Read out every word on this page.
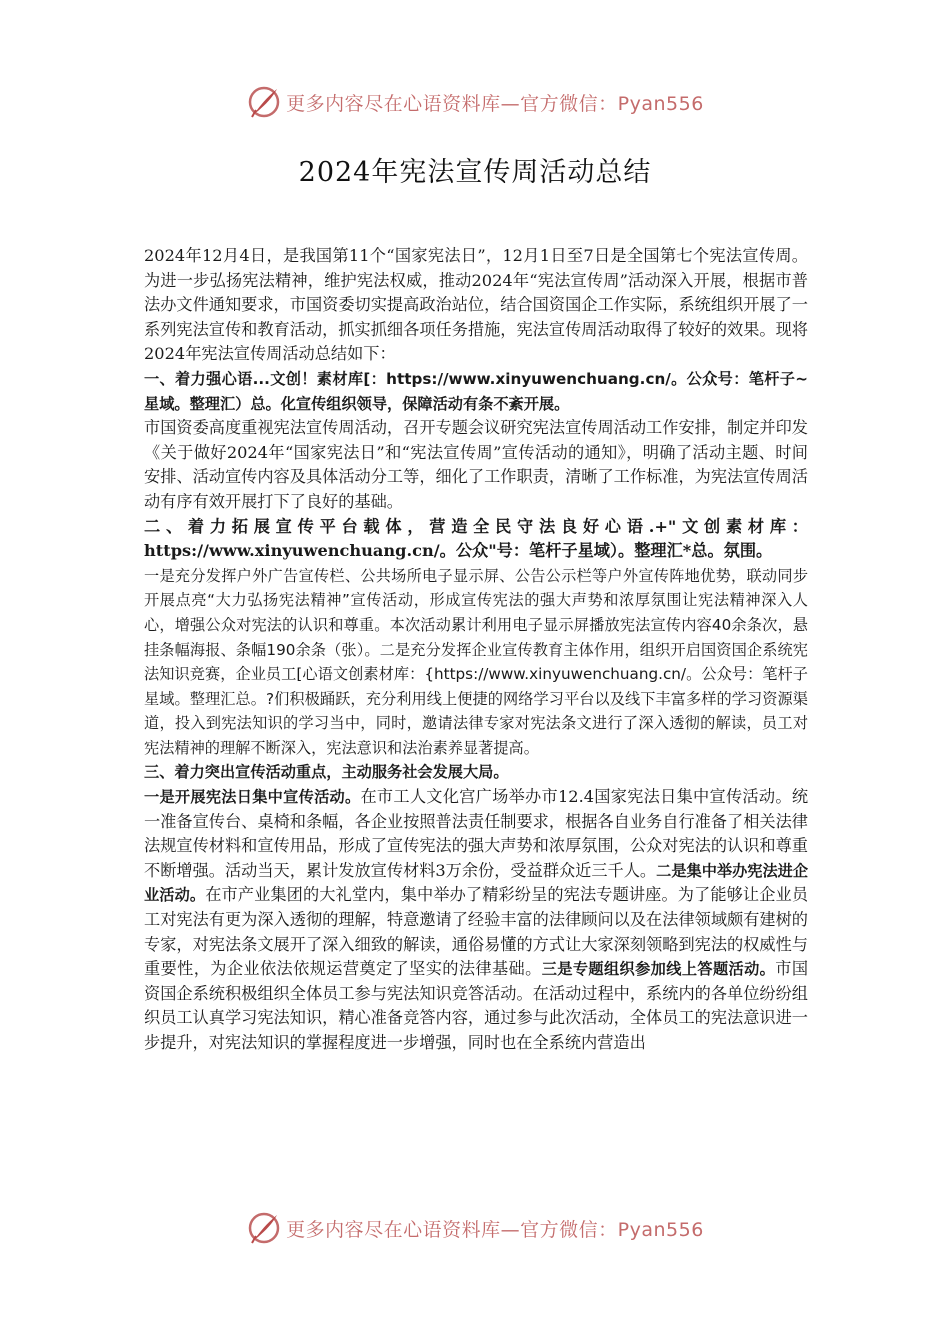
更多内容尽在心语资料库—官方微信：Pyan556
2024年宪法宣传周活动总结

2024年12月4日，是我国第11个“国家宪法日”，12月1日至7日是全国第七个宪法宣传周。为进一步弘扬宪法精神，维护宪法权威，推动2024年“宪法宣传周”活动深入开展，根据市普法办文件通知要求，市国资委切实提高政治站位，结合国资国企工作实际，系统组织开展了一系列宪法宣传和教育活动，抓实抓细各项任务措施，宪法宣传周活动取得了较好的效果。现将2024年宪法宣传周活动总结如下：

一、着力强心语...文创！素材库[：https://www.xinyuwenchuang.cn/。公众号：笔杆子~星域。整理汇）总。化宣传组织领导，保障活动有条不紊开展。

市国资委高度重视宪法宣传周活动，召开专题会议研究宪法宣传周活动工作安排，制定并印发《关于做好2024年“国家宪法日”和“宪法宣传周”宣传活动的通知》，明确了活动主题、时间安排、活动宣传内容及具体活动分工等，细化了工作职责，清晰了工作标准，为宪法宣传周活动有序有效开展打下了良好的基础。

二、着力拓展宣传平台载体，营造全民守法良好心语.+"文创素材库：https://www.xinyuwenchuang.cn/。公众"号：笔杆子星域）。整理汇*总。氛围。

一是充分发挥户外广告宣传栏、公共场所电子显示屏、公告公示栏等户外宣传阵地优势，联动同步开展点亮“大力弘扬宪法精神”宣传活动，形成宣传宪法的强大声势和浓厚氛围让宪法精神深入人心，增强公众对宪法的认识和尊重。本次活动累计利用电子显示屏播放宪法宣传内容40余条次，悬挂条幅海报、条幅190余条（张）。二是充分发挥企业宣传教育主体作用，组织开启国资国企系统宪法知识竞赛，企业员工[心语文创素材库：{https://www.xinyuwenchuang.cn/。公众号：笔杆子星域。整理汇总。?们积极踊跃，充分利用线上便捷的网络学习平台以及线下丰富多样的学习资源渠道，投入到宪法知识的学习当中，同时，邀请法律专家对宪法条文进行了深入透彻的解读，员工对宪法精神的理解不断深入，宪法意识和法治素养显著提高。

三、着力突出宣传活动重点，主动服务社会发展大局。

一是开展宪法日集中宣传活动。在市工人文化宫广场举办市12.4国家宪法日集中宣传活动。统一准备宣传台、桌椅和条幅，各企业按照普法责任制要求，根据各自业务自行准备了相关法律法规宣传材料和宣传用品，形成了宣传宪法的强大声势和浓厚氛围，公众对宪法的认识和尊重不断增强。活动当天，累计发放宣传材料3万余份，受益群众近三千人。二是集中举办宪法进企业活动。在市产业集团的大礼堂内，集中举办了精彩纷呈的宪法专题讲座。为了能够让企业员工对宪法有更为深入透彻的理解，特意邀请了经验丰富的法律顾问以及在法律领域颇有建树的专家，对宪法条文展开了深入细致的解读，通俗易懂的方式让大家深刻领略到宪法的权威性与重要性，为企业依法依规运营奠定了坚实的法律基础。三是专题组织参加线上答题活动。市国资国企系统积极组织全体员工参与宪法知识竞答活动。在活动过程中，系统内的各单位纷纷组织员工认真学习宪法知识，精心准备竞答内容，通过参与此次活动，全体员工的宪法意识进一步提升，对宪法知识的掌握程度进一步增强，同时也在全系统内营造出

更多内容尽在心语资料库—官方微信：Pyan556
